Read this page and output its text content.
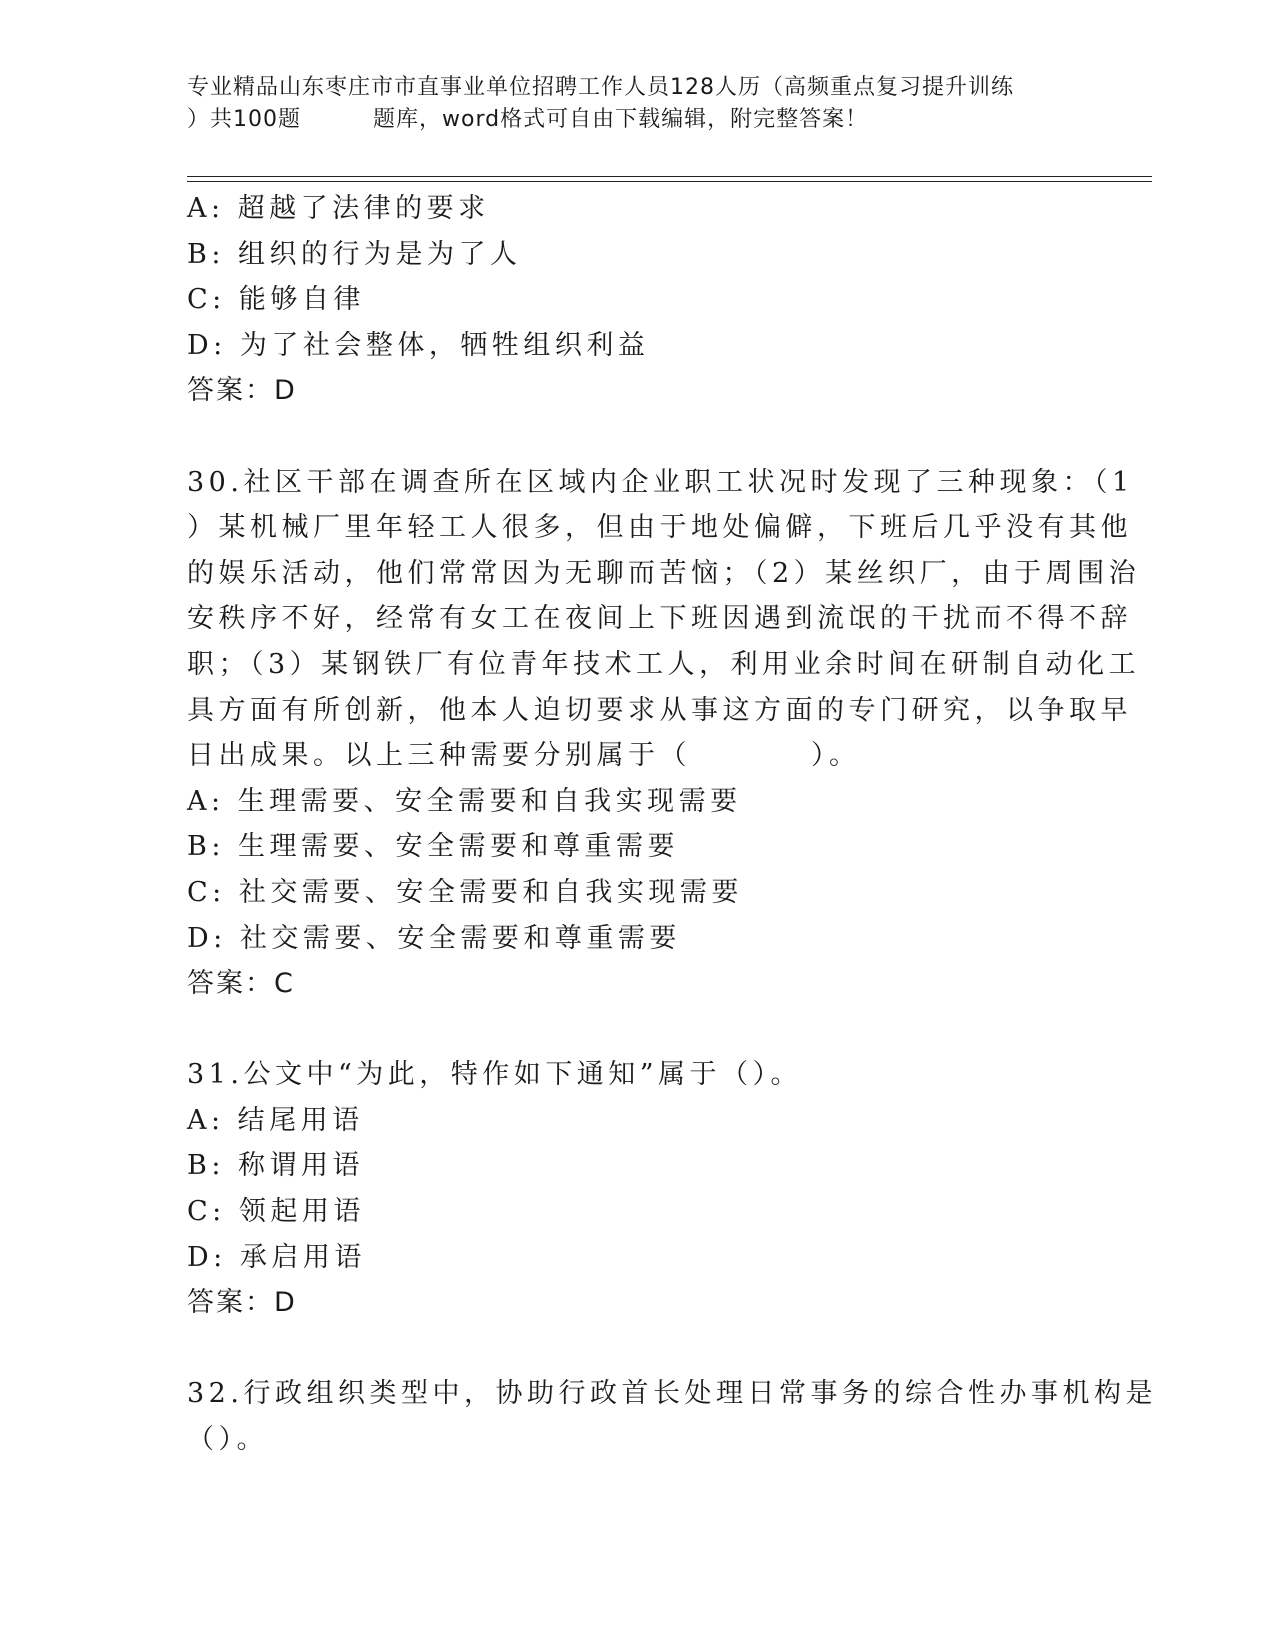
专业精品山东枣庄市市直事业单位招聘工作人员128人历（高频重点复习提升训练
）共100题	题库，word格式可自由下载编辑，附完整答案！
A: 超越了法律的要求
B: 组织的行为是为了人
C: 能够自律
D: 为了社会整体，牺牲组织利益
答案：D
30.社区干部在调查所在区域内企业职工状况时发现了三种现象：（1
）某机械厂里年轻工人很多，但由于地处偏僻，下班后几乎没有其他
的娱乐活动，他们常常因为无聊而苦恼；（2）某丝织厂，由于周围治
安秩序不好，经常有女工在夜间上下班因遇到流氓的干扰而不得不辞
职；（3）某钢铁厂有位青年技术工人，利用业余时间在研制自动化工
具方面有所创新，他本人迫切要求从事这方面的专门研究，以争取早
日出成果。以上三种需要分别属于（	）。
A: 生理需要、安全需要和自我实现需要
B: 生理需要、安全需要和尊重需要
C: 社交需要、安全需要和自我实现需要
D: 社交需要、安全需要和尊重需要
答案：C
31.公文中“为此，特作如下通知”属于（）。
A: 结尾用语
B: 称谓用语
C: 领起用语
D: 承启用语
答案：D
32.行政组织类型中，协助行政首长处理日常事务的综合性办事机构是
（）。
